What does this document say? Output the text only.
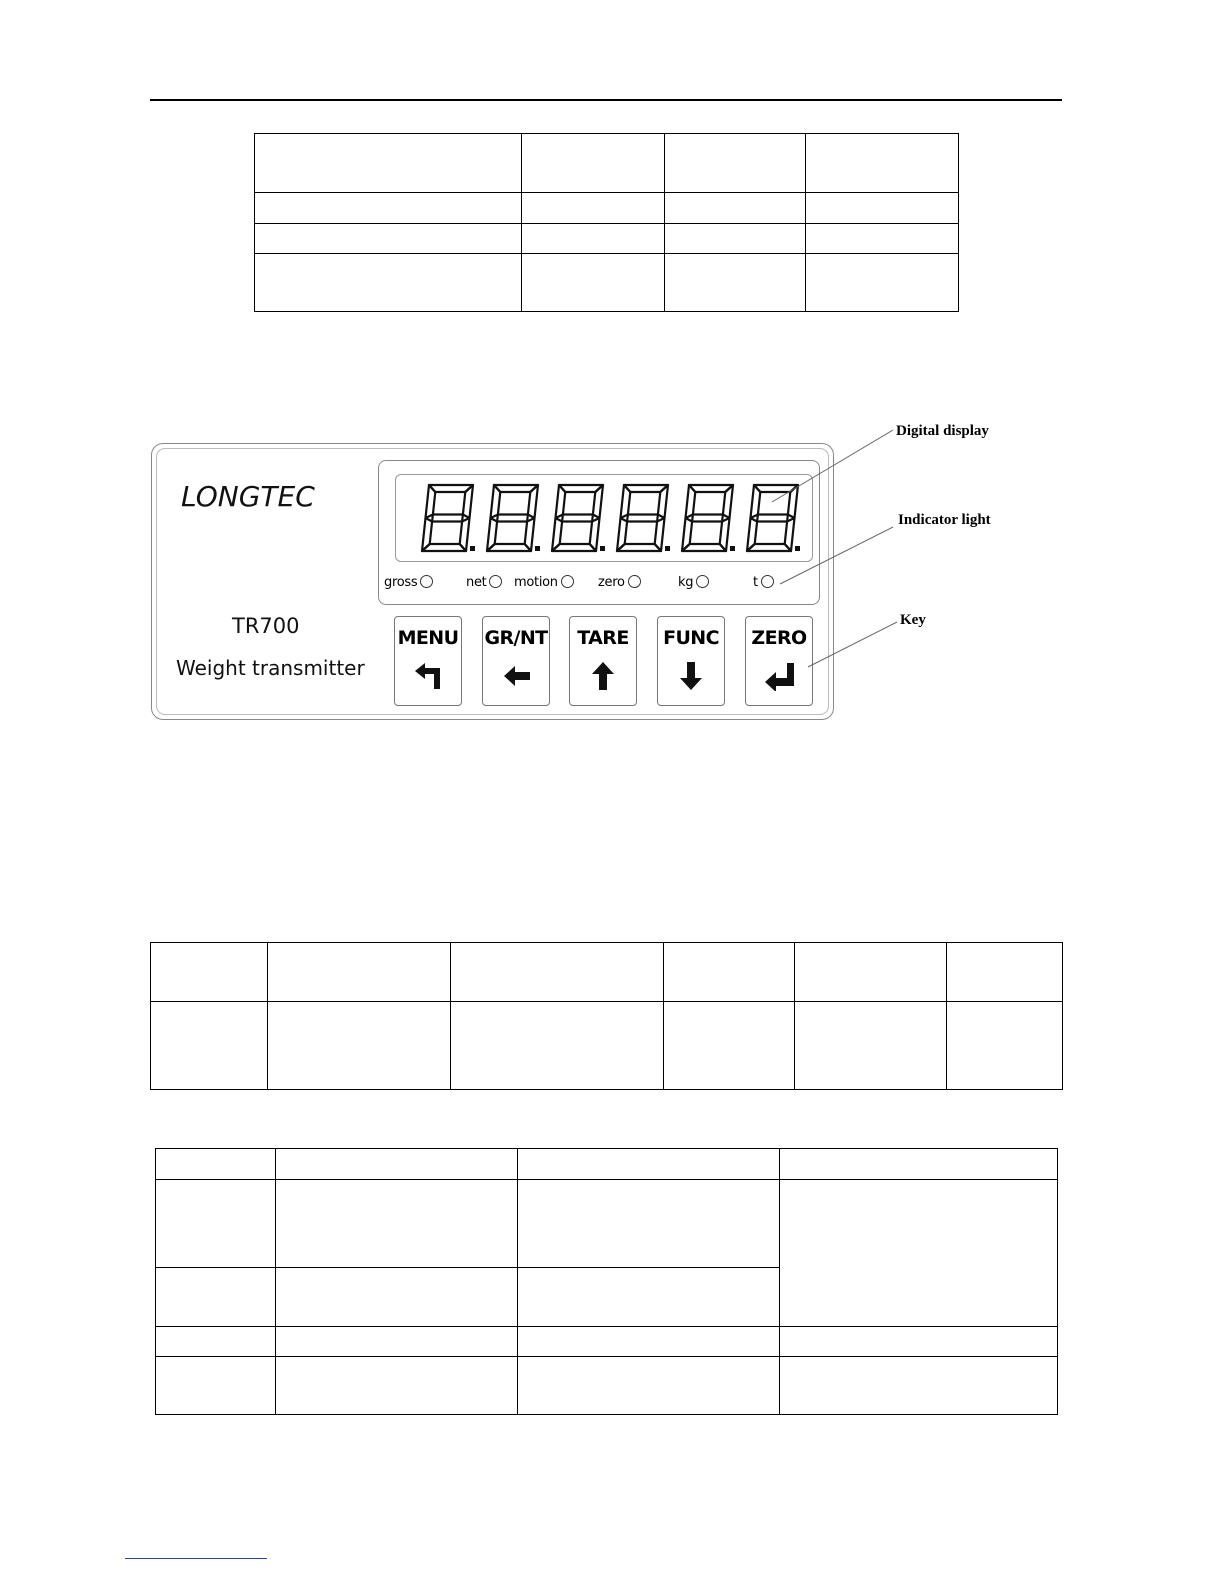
LONGTEC
TR700
Weight transmitter
gross	net	motion	zero	kg	t
MENU GR/NT	TARE	FUNC ZERO
Digital display
Indicator light
Key
